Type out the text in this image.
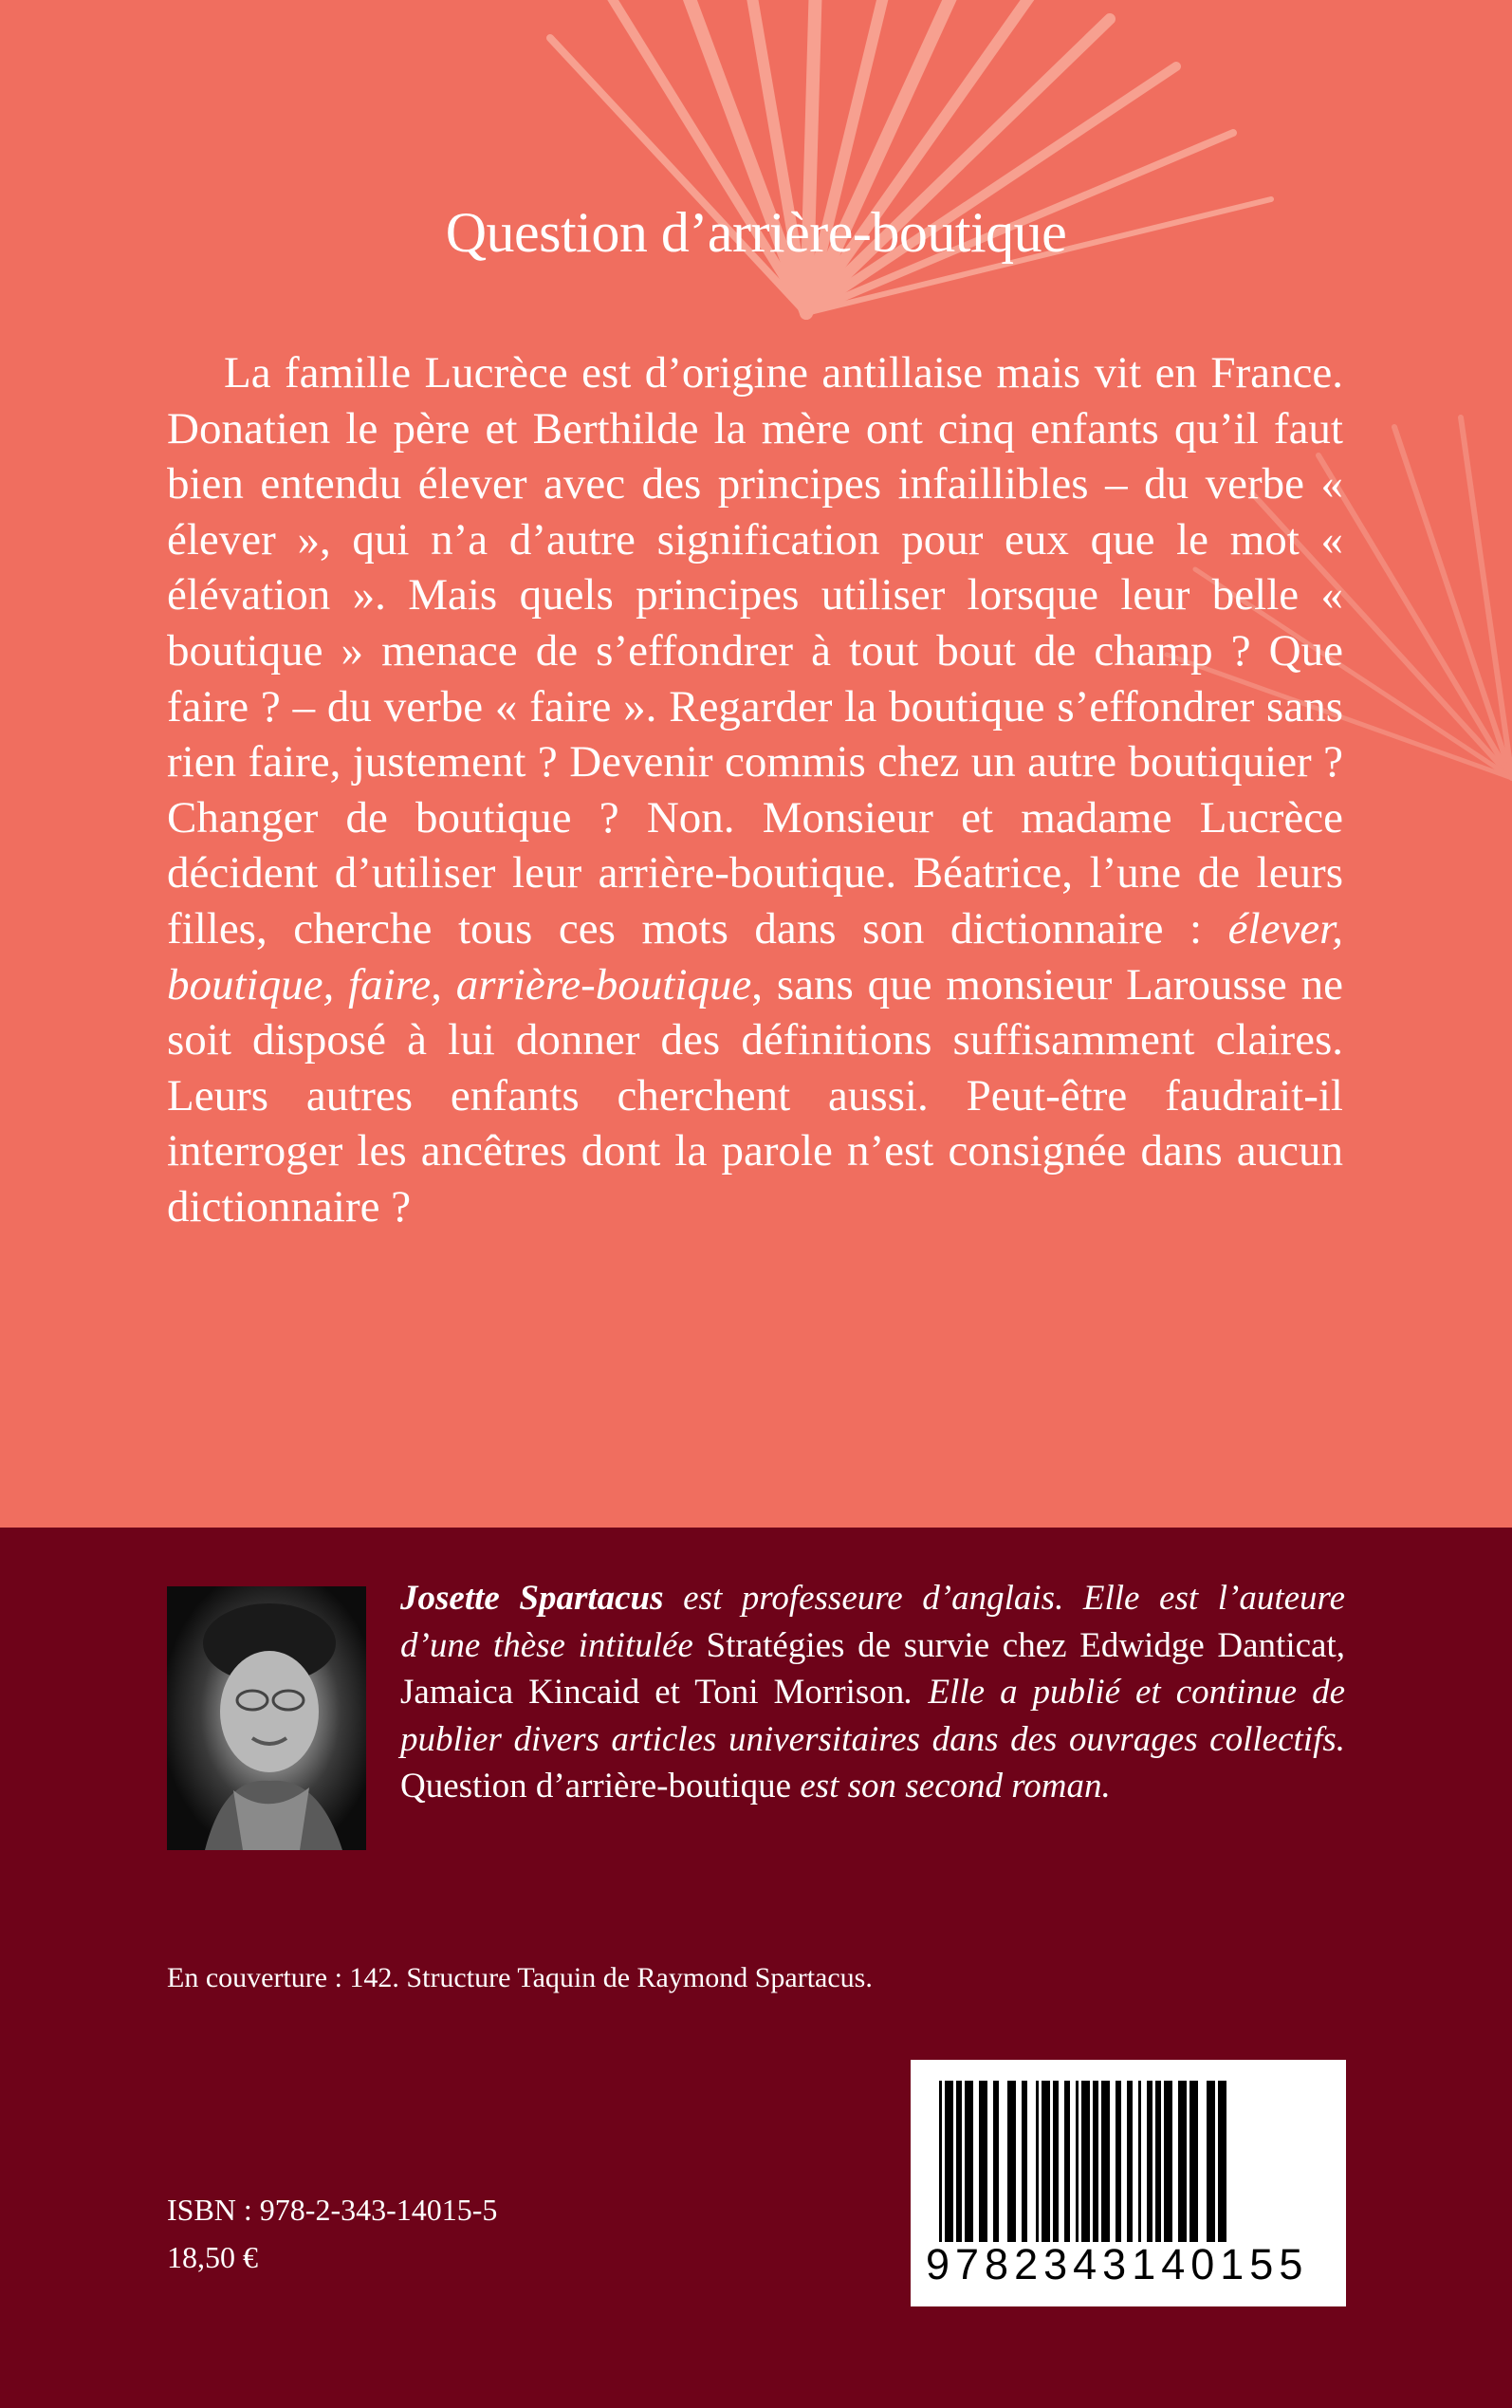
Question d’arrière-boutique

La famille Lucrèce est d’origine antillaise mais vit en France. Donatien le père et Berthilde la mère ont cinq enfants qu’il faut bien entendu élever avec des principes infaillibles – du verbe « élever », qui n’a d’autre signification pour eux que le mot « élévation ». Mais quels principes utiliser lorsque leur belle « boutique » menace de s’effondrer à tout bout de champ ? Que faire ? – du verbe « faire ». Regarder la boutique s’effondrer sans rien faire, justement ? Devenir commis chez un autre boutiquier ? Changer de boutique ? Non. Monsieur et madame Lucrèce décident d’utiliser leur arrière-boutique. Béatrice, l’une de leurs filles, cherche tous ces mots dans son dictionnaire : élever, boutique, faire, arrière-boutique, sans que monsieur Larousse ne soit disposé à lui donner des définitions suffisamment claires. Leurs autres enfants cherchent aussi. Peut-être faudrait-il interroger les ancêtres dont la parole n’est consignée dans aucun dictionnaire ?

Josette Spartacus est professeure d’anglais. Elle est l’auteure d’une thèse intitulée Stratégies de survie chez Edwidge Danticat, Jamaica Kincaid et Toni Morrison. Elle a publié et continue de publier divers articles universitaires dans des ouvrages collectifs. Question d’arrière-boutique est son second roman.

En couverture : 142. Structure Taquin de Raymond Spartacus.
9782343140155
ISBN : 978-2-343-14015-5
18,50 €
